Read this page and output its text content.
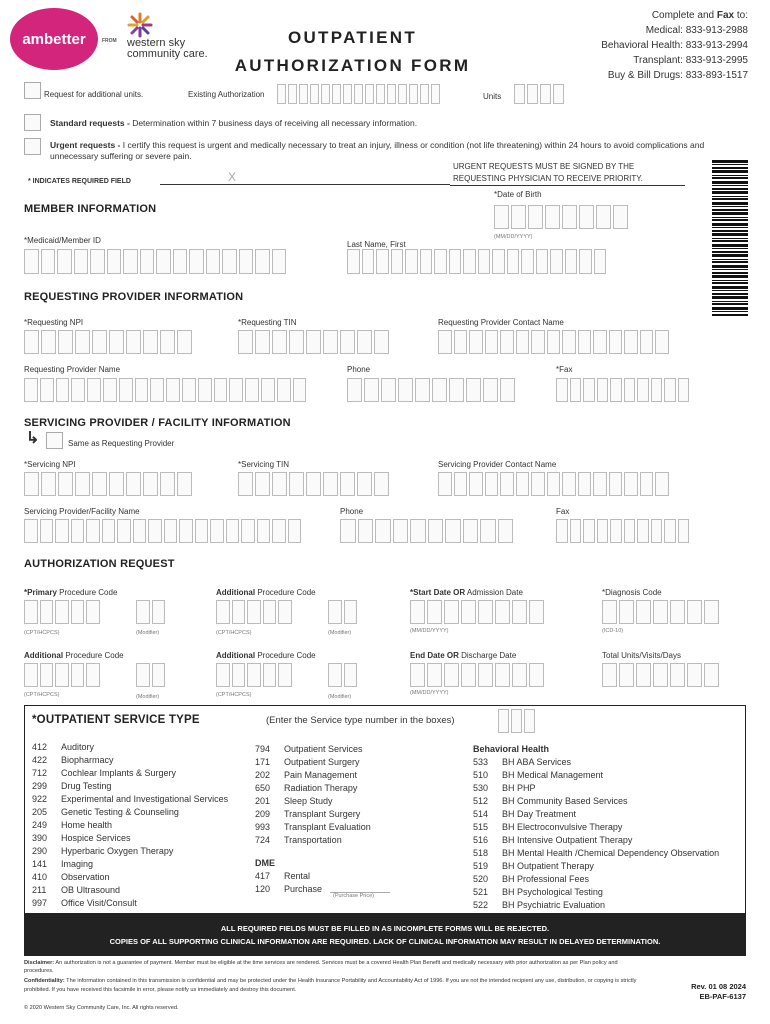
ambetter	FROM western sky
community care.
OUTPATIENT
AUTHORIZATION FORM
Complete and Fax to:
Medical: 833-913-2988
Behavioral Health: 833-913-2994
Transplant: 833-913-2995
Buy & Bill Drugs: 833-893-1517
Request for additional units.	Existing Authorization	Units
Standard requests - Determination within 7 business days of receiving all necessary information.
Urgent requests - I certify this request is urgent and medically necessary to treat an injury, illness or condition (not life threatening) within 24 hours to avoid complications and unnecessary suffering or severe pain.
* INDICATES REQUIRED FIELD	X
URGENT REQUESTS MUST BE SIGNED BY THE
REQUESTING PHYSICIAN TO RECEIVE PRIORITY.
MEMBER INFORMATION
*Date of Birth
(MM/DD/YYYY)
*Medicaid/Member ID	Last Name, First
REQUESTING PROVIDER INFORMATION
*Requesting NPI	*Requesting TIN	Requesting Provider Contact Name
Requesting Provider Name	Phone	*Fax
SERVICING PROVIDER / FACILITY INFORMATION
↳	Same as Requesting Provider
*Servicing NPI	*Servicing TIN	Servicing Provider Contact Name
Servicing Provider/Facility Name	Phone	Fax
AUTHORIZATION REQUEST
*Primary Procedure Code	Additional Procedure Code	*Start Date OR Admission Date	*Diagnosis Code
(CPT/HCPCS)	(Modifier)	(CPT/HCPCS)	(Modifier)	(MM/DD/YYYY)	(ICD-10)
Additional Procedure Code	Additional Procedure Code	End Date OR Discharge Date	Total Units/Visits/Days
(CPT/HCPCS)	(Modifier)	(CPT/HCPCS)	(Modifier)
(MM/DD/YYYY)
*OUTPATIENT SERVICE TYPE	(Enter the Service type number in the boxes)
412	Auditory
422	Biopharmacy
712	Cochlear Implants & Surgery
299	Drug Testing
922	Experimental and Investigational Services
205	Genetic Testing & Counseling
249	Home health
390	Hospice Services
290	Hyperbaric Oxygen Therapy
141	Imaging
410	Observation
211	OB Ultrasound
997	Office Visit/Consult
794	Outpatient Services
171	Outpatient Surgery
202	Pain Management
650	Radiation Therapy
201	Sleep Study
209	Transplant Surgery
993	Transplant Evaluation
724	Transportation
DME
417	Rental
120	Purchase
Behavioral Health
533	BH ABA Services
510	BH Medical Management
530	BH PHP
512	BH Community Based Services
514	BH Day Treatment
515	BH Electroconvulsive Therapy
516	BH Intensive Outpatient Therapy
518	BH Mental Health /Chemical Dependency Observation
519	BH Outpatient Therapy
520	BH Professional Fees
521	BH Psychological Testing
522	BH Psychiatric Evaluation
(Purchase Price)
ALL REQUIRED FIELDS MUST BE FILLED IN AS INCOMPLETE FORMS WILL BE REJECTED.
COPIES OF ALL SUPPORTING CLINICAL INFORMATION ARE REQUIRED. LACK OF CLINICAL INFORMATION MAY RESULT IN DELAYED DETERMINATION.
Disclaimer: An authorization is not a guarantee of payment. Member must be eligible at the time services are rendered. Services must be a covered Health Plan Benefit and medically necessary with prior authorization as per Plan policy and procedures.
Confidentiality: The information contained in this transmission is confidential and may be protected under the Health Insurance Portability and Accountability Act of 1996. If you are not the intended recipient any use, distribution, or copying is strictly prohibited. If you have received this facsimile in error, please notify us immediately and destroy this document.
© 2020 Western Sky Community Care, Inc. All rights reserved.
Rev. 01 08 2024
EB-PAF-6137
